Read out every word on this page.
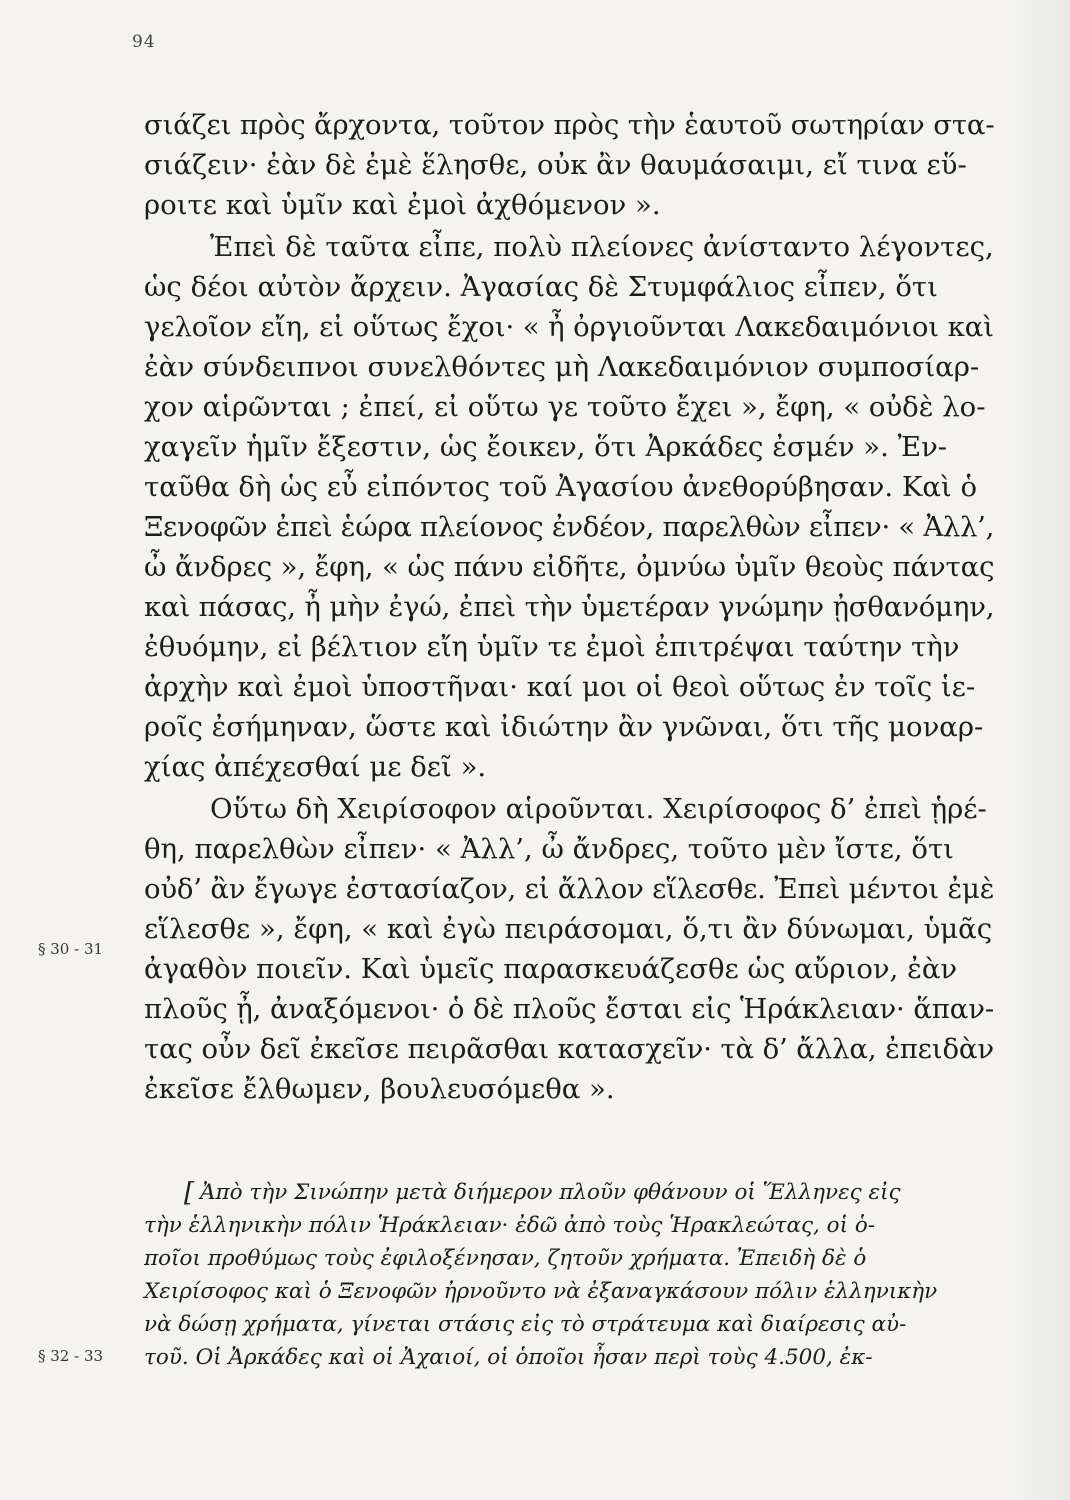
94
§ 30 - 31
§ 32 - 33
σιάζει πρὸς ἄρχοντα, τοῦτον πρὸς τὴν ἑαυτοῦ σωτηρίαν στα-
σιάζειν· ἐὰν δὲ ἐμὲ ἕλησθε, οὐκ ἂν θαυμάσαιμι, εἴ τινα εὕ-
ροιτε καὶ ὑμῖν καὶ ἐμοὶ ἀχθόμενον ».
Ἐπεὶ δὲ ταῦτα εἶπε, πολὺ πλείονες ἀνίσταντο λέγοντες,
ὡς δέοι αὐτὸν ἄρχειν. Ἀγασίας δὲ Στυμφάλιος εἶπεν, ὅτι
γελοῖον εἴη, εἰ οὕτως ἔχοι· « ἦ ὀργιοῦνται Λακεδαιμόνιοι καὶ
ἐὰν σύνδειπνοι συνελθόντες μὴ Λακεδαιμόνιον συμποσίαρ-
χον αἱρῶνται ; ἐπεί, εἰ οὕτω γε τοῦτο ἔχει », ἔφη, « οὐδὲ λο-
χαγεῖν ἡμῖν ἔξεστιν, ὡς ἔοικεν, ὅτι Ἀρκάδες ἐσμέν ». Ἐν-
ταῦθα δὴ ὡς εὖ εἰπόντος τοῦ Ἀγασίου ἀνεθορύβησαν. Καὶ ὁ
Ξενοφῶν ἐπεὶ ἑώρα πλείονος ἐνδέον, παρελθὼν εἶπεν· « Ἀλλ’,
ὦ ἄνδρες », ἔφη, « ὡς πάνυ εἰδῆτε, ὀμνύω ὑμῖν θεοὺς πάντας
καὶ πάσας, ἦ μὴν ἐγώ, ἐπεὶ τὴν ὑμετέραν γνώμην ᾐσθανόμην,
ἐθυόμην, εἰ βέλτιον εἴη ὑμῖν τε ἐμοὶ ἐπιτρέψαι ταύτην τὴν
ἀρχὴν καὶ ἐμοὶ ὑποστῆναι· καί μοι οἱ θεοὶ οὕτως ἐν τοῖς ἱε-
ροῖς ἐσήμηναν, ὥστε καὶ ἰδιώτην ἂν γνῶναι, ὅτι τῆς μοναρ-
χίας ἀπέχεσθαί με δεῖ ».
Οὕτω δὴ Χειρίσοφον αἱροῦνται. Χειρίσοφος δ’ ἐπεὶ ᾑρέ-
θη, παρελθὼν εἶπεν· « Ἀλλ’, ὦ ἄνδρες, τοῦτο μὲν ἴστε, ὅτι
οὐδ’ ἂν ἔγωγε ἐστασίαζον, εἰ ἄλλον εἵλεσθε. Ἐπεὶ μέντοι ἐμὲ
εἵλεσθε », ἔφη, « καὶ ἐγὼ πειράσομαι, ὅ,τι ἂν δύνωμαι, ὑμᾶς
ἀγαθὸν ποιεῖν. Καὶ ὑμεῖς παρασκευάζεσθε ὡς αὔριον, ἐὰν
πλοῦς ᾖ, ἀναξόμενοι· ὁ δὲ πλοῦς ἔσται εἰς Ἡράκλειαν· ἅπαν-
τας οὖν δεῖ ἐκεῖσε πειρᾶσθαι κατασχεῖν· τὰ δ’ ἄλλα, ἐπειδὰν
ἐκεῖσε ἔλθωμεν, βουλευσόμεθα ».
[ Ἀπὸ τὴν Σινώπην μετὰ διήμερον πλοῦν φθάνουν οἱ Ἕλληνες εἰς
τὴν ἑλληνικὴν πόλιν Ἡράκλειαν· ἐδῶ ἀπὸ τοὺς Ἡρακλεώτας, οἱ ὁ-
ποῖοι προθύμως τοὺς ἐφιλοξένησαν, ζητοῦν χρήματα. Ἐπειδὴ δὲ ὁ
Χειρίσοφος καὶ ὁ Ξενοφῶν ἠρνοῦντο νὰ ἐξαναγκάσουν πόλιν ἑλληνικὴν
νὰ δώσῃ χρήματα, γίνεται στάσις εἰς τὸ στράτευμα καὶ διαίρεσις αὐ-
τοῦ. Οἱ Ἀρκάδες καὶ οἱ Ἀχαιοί, οἱ ὁποῖοι ἦσαν περὶ τοὺς 4.500, ἐκ-
